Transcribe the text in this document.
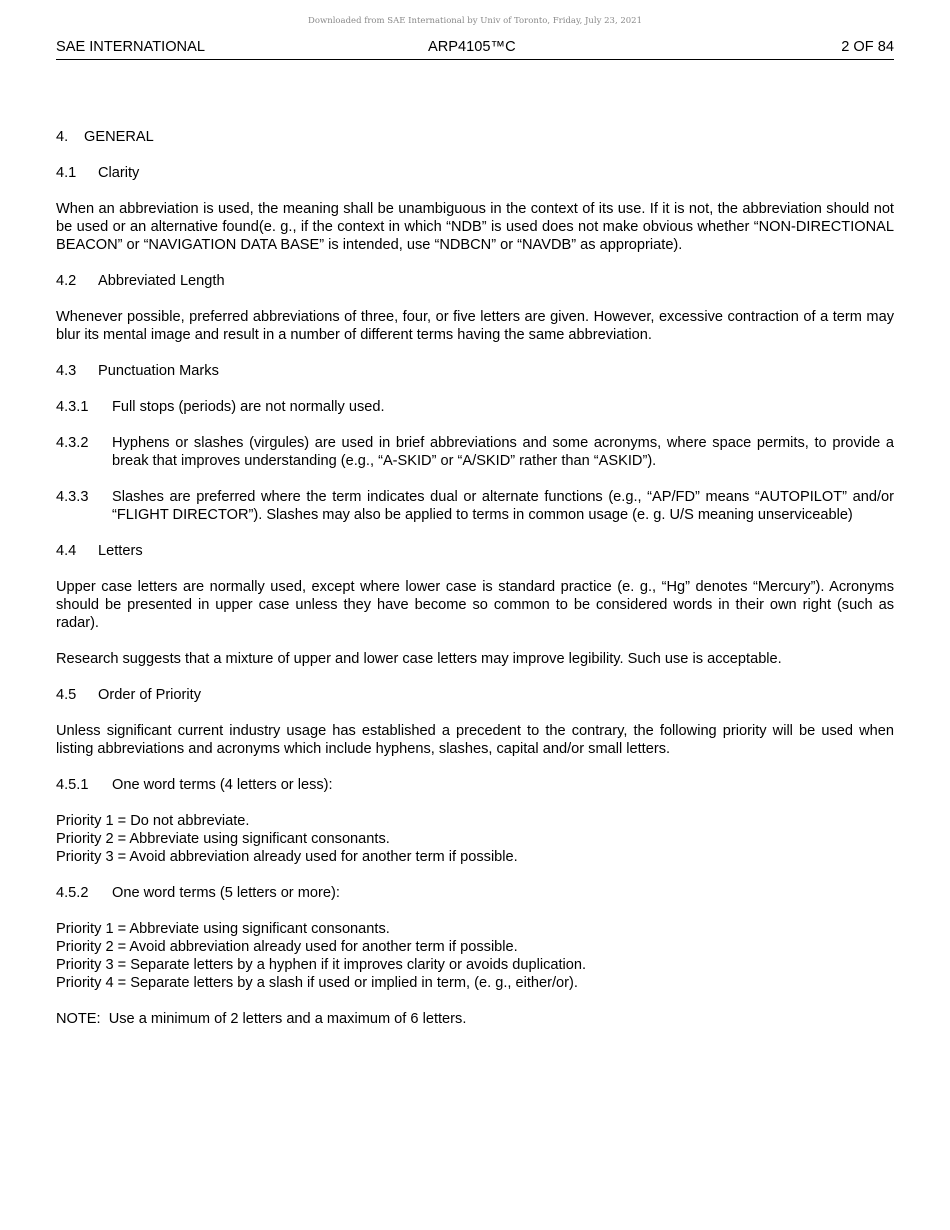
Downloaded from SAE International by Univ of Toronto, Friday, July 23, 2021
SAE INTERNATIONAL	ARP4105™C	2 OF 84
4. GENERAL
4.1 Clarity

When an abbreviation is used, the meaning shall be unambiguous in the context of its use. If it is not, the abbreviation should not be used or an alternative found(e. g., if the context in which “NDB” is used does not make obvious whether “NON-DIRECTIONAL BEACON” or “NAVIGATION DATA BASE” is intended, use “NDBCN” or “NAVDB” as appropriate).

4.2 Abbreviated Length

Whenever possible, preferred abbreviations of three, four, or five letters are given. However, excessive contraction of a term may blur its mental image and result in a number of different terms having the same abbreviation.

4.3 Punctuation Marks
4.3.1	Full stops (periods) are not normally used.
4.3.2	Hyphens or slashes (virgules) are used in brief abbreviations and some acronyms, where space permits, to provide a break that improves understanding (e.g., “A-SKID” or “A/SKID” rather than “ASKID”).
4.3.3	Slashes are preferred where the term indicates dual or alternate functions (e.g., “AP/FD” means “AUTOPILOT” and/or “FLIGHT DIRECTOR”). Slashes may also be applied to terms in common usage (e. g. U/S meaning unserviceable)
4.4 Letters

Upper case letters are normally used, except where lower case is standard practice (e. g., “Hg” denotes “Mercury”). Acronyms should be presented in upper case unless they have become so common to be considered words in their own right (such as radar).

Research suggests that a mixture of upper and lower case letters may improve legibility. Such use is acceptable.

4.5 Order of Priority

Unless significant current industry usage has established a precedent to the contrary, the following priority will be used when listing abbreviations and acronyms which include hyphens, slashes, capital and/or small letters.

4.5.1	One word terms (4 letters or less):
Priority 1 = Do not abbreviate.
Priority 2 = Abbreviate using significant consonants.
Priority 3 = Avoid abbreviation already used for another term if possible.
4.5.2	One word terms (5 letters or more):
Priority 1 = Abbreviate using significant consonants.
Priority 2 = Avoid abbreviation already used for another term if possible.
Priority 3 = Separate letters by a hyphen if it improves clarity or avoids duplication.
Priority 4 = Separate letters by a slash if used or implied in term, (e. g., either/or).

NOTE:  Use a minimum of 2 letters and a maximum of 6 letters.
